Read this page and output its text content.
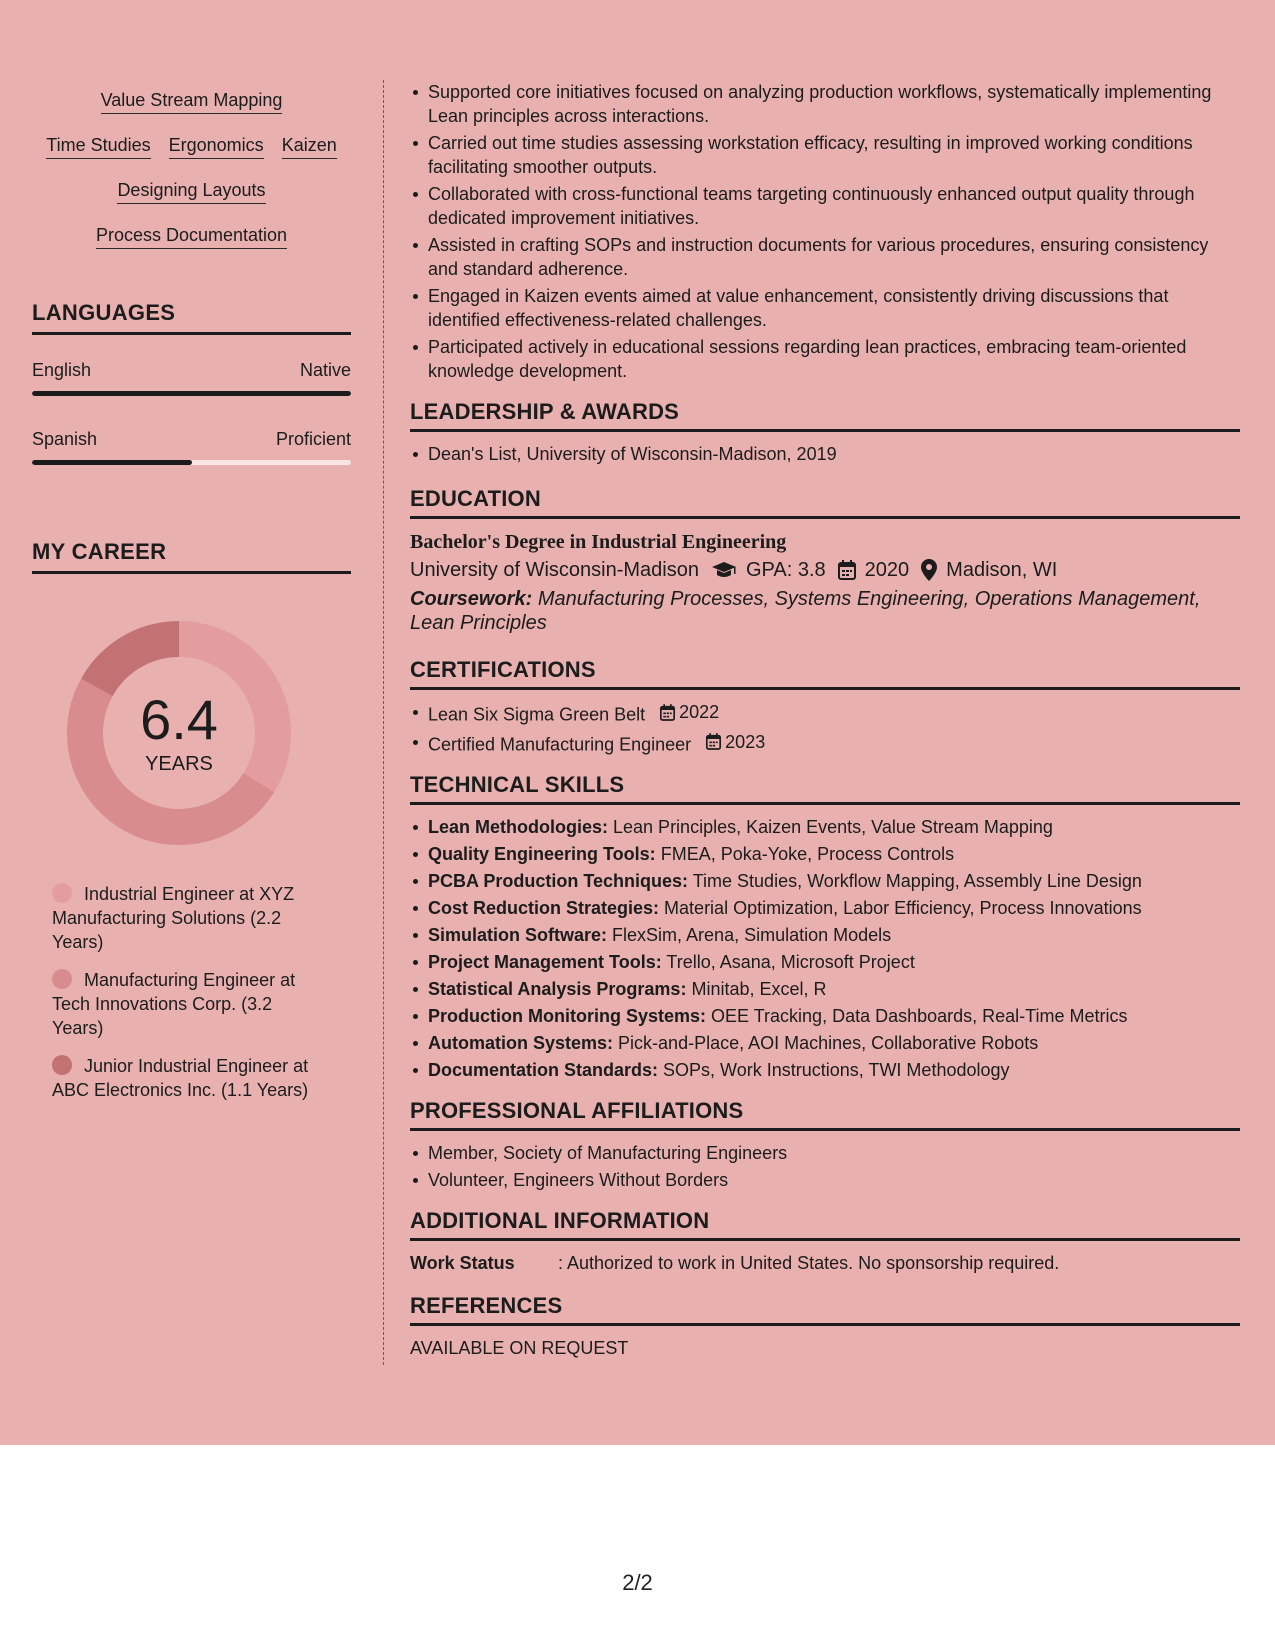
Value Stream Mapping
Time Studies Ergonomics Kaizen
Designing Layouts
Process Documentation
LANGUAGES
English	Native
Spanish	Proficient
MY CAREER
6.4
YEARS
Industrial Engineer at XYZ Manufacturing Solutions (2.2 Years)
Manufacturing Engineer at Tech Innovations Corp. (3.2 Years)
Junior Industrial Engineer at ABC Electronics Inc. (1.1 Years)
Supported core initiatives focused on analyzing production workflows, systematically implementing Lean principles across interactions.
Carried out time studies assessing workstation efficacy, resulting in improved working conditions facilitating smoother outputs.
Collaborated with cross-functional teams targeting continuously enhanced output quality through dedicated improvement initiatives.
Assisted in crafting SOPs and instruction documents for various procedures, ensuring consistency and standard adherence.
Engaged in Kaizen events aimed at value enhancement, consistently driving discussions that identified effectiveness-related challenges.
Participated actively in educational sessions regarding lean practices, embracing team-oriented knowledge development.
LEADERSHIP & AWARDS
Dean's List, University of Wisconsin-Madison, 2019
EDUCATION
Bachelor's Degree in Industrial Engineering
University of Wisconsin-Madison GPA: 3.8 2020 Madison, WI
Coursework: Manufacturing Processes, Systems Engineering, Operations Management, Lean Principles
CERTIFICATIONS
Lean Six Sigma Green Belt 2022
Certified Manufacturing Engineer 2023
TECHNICAL SKILLS
Lean Methodologies: Lean Principles, Kaizen Events, Value Stream Mapping
Quality Engineering Tools: FMEA, Poka-Yoke, Process Controls
PCBA Production Techniques: Time Studies, Workflow Mapping, Assembly Line Design
Cost Reduction Strategies: Material Optimization, Labor Efficiency, Process Innovations
Simulation Software: FlexSim, Arena, Simulation Models
Project Management Tools: Trello, Asana, Microsoft Project
Statistical Analysis Programs: Minitab, Excel, R
Production Monitoring Systems: OEE Tracking, Data Dashboards, Real-Time Metrics
Automation Systems: Pick-and-Place, AOI Machines, Collaborative Robots
Documentation Standards: SOPs, Work Instructions, TWI Methodology
PROFESSIONAL AFFILIATIONS
Member, Society of Manufacturing Engineers
Volunteer, Engineers Without Borders
ADDITIONAL INFORMATION
Work Status	: Authorized to work in United States. No sponsorship required.
REFERENCES
AVAILABLE ON REQUEST
2/2
